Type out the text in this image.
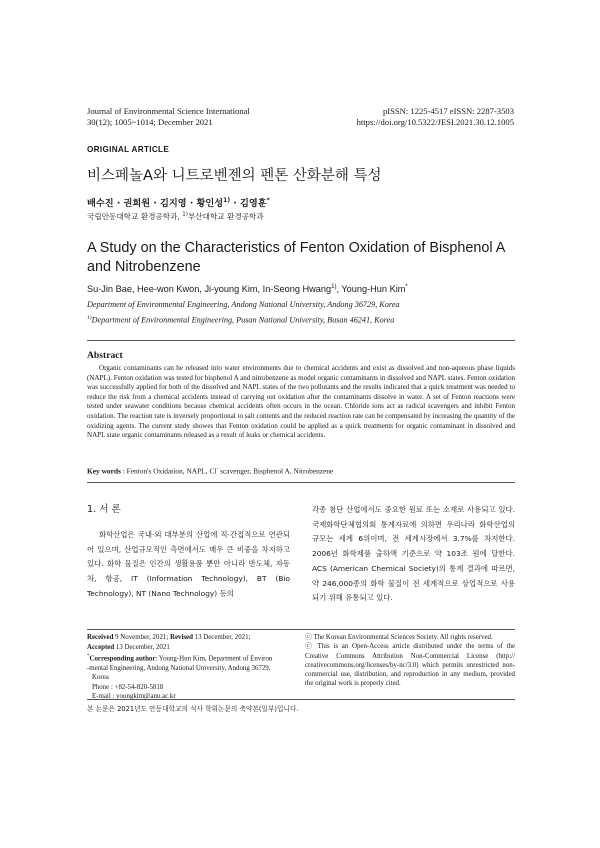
Journal of Environmental Science International
30(12); 1005~1014; December 2021
pISSN: 1225-4517 eISSN: 2287-3503
https://doi.org/10.5322/JESI.2021.30.12.1005
ORIGINAL ARTICLE
비스페놀A와 니트로벤젠의 펜톤 산화분해 특성
배수진 · 권희원 · 김지영 · 황인성$^{1)}$ · 김영훈*
국립안동대학교 환경공학과, $^{1)}$부산대학교 환경공학과
A Study on the Characteristics of Fenton Oxidation of Bisphenol A and Nitrobenzene
Su-Jin Bae, Hee-won Kwon, Ji-young Kim, In-Seong Hwang$^{1)}$, Young-Hun Kim*
Department of Environmental Engineering, Andong National University, Andong 36729, Korea
$^{1)}$Department of Environmental Engineering, Pusan National University, Busan 46241, Korea
Abstract
Organic contaminants can be released into water environments due to chemical accidents and exist as dissolved and non-aqueous phase liquids (NAPL). Fenton oxidation was tested for bisphenol A and nitrobenzene as model organic contaminants in dissolved and NAPL states. Fenton oxidation was successfully applied for both of the dissolved and NAPL states of the two pollutants and the results indicated that a quick treatment was needed to reduce the risk from a chemical accidents instead of carrying out oxidation after the contaminants dissolve in water. A set of Fenton reactions were tested under seawater conditions because chemical accidents often occurs in the ocean. Chloride ions act as radical scavengers and inhibit Fenton oxidation. The reaction rate is inversely proportional to salt contents and the reduced reaction rate can be compensated by increasing the quantity of the oxidizing agents. The current study showes that Fenton oxidation could be applied as a quick treatments for organic contaminant in dissolved and NAPL state organic contaminants released as a result of leaks or chemical accidents.
Key words : Fenton's Oxidation, NAPL, Cl- scavenger, Bisphenol A, Nitrobenzene
1. 서 론
화학산업은 국내·외 대부분의 산업에 직·간접적으로 연관되어 있으며, 산업규모적인 측면에서도 매우 큰 비중을 차지하고 있다. 화학 물질은 인간의 생활용품 뿐만 아니라 반도체, 자동차, 항공, IT (Information Technology), BT (Bio Technology), NT (Nano Technology) 등의
각종 첨단 산업에서도 중요한 원료 또는 소재로 사용되고 있다. 국제화학단체협의회 통계자료에 의하면 우리나라 화학산업의 규모는 세계 6위이며, 전 세계시장에서 3.7%를 차지한다. 2006년 화학제품 출하액 기준으로 약 103조 원에 달한다. ACS (American Chemical Society)의 통계 결과에 따르면, 약 246,000종의 화학 물질이 전 세계적으로 상업적으로 사용되기 위해 유통되고 있다.
Received 9 November, 2021; Revised 13 December, 2021;
Accepted 13 December, 2021
*Corresponding author: Young-Hun Kim, Department of Environ
-mental Engineering, Andong National University, Andong 36729,
Korea
Phone : +82-54-820-5818
E-mail : youngkim@anu.ac.kr
ⓒ The Korean Environmental Sciences Society. All rights reserved.
ⓒ This is an Open-Access article distributed under the terms of the Creative Commons Attribution Non-Commercial License (http:// creativecommons.org/licenses/by-nc/3.0) which permits unrestricted non-commercial use, distribution, and reproduction in any medium, provided the original work is properly cited.
본 논문은 2021년도 안동대학교의 석사 학위논문의 축약본(일부)입니다.
